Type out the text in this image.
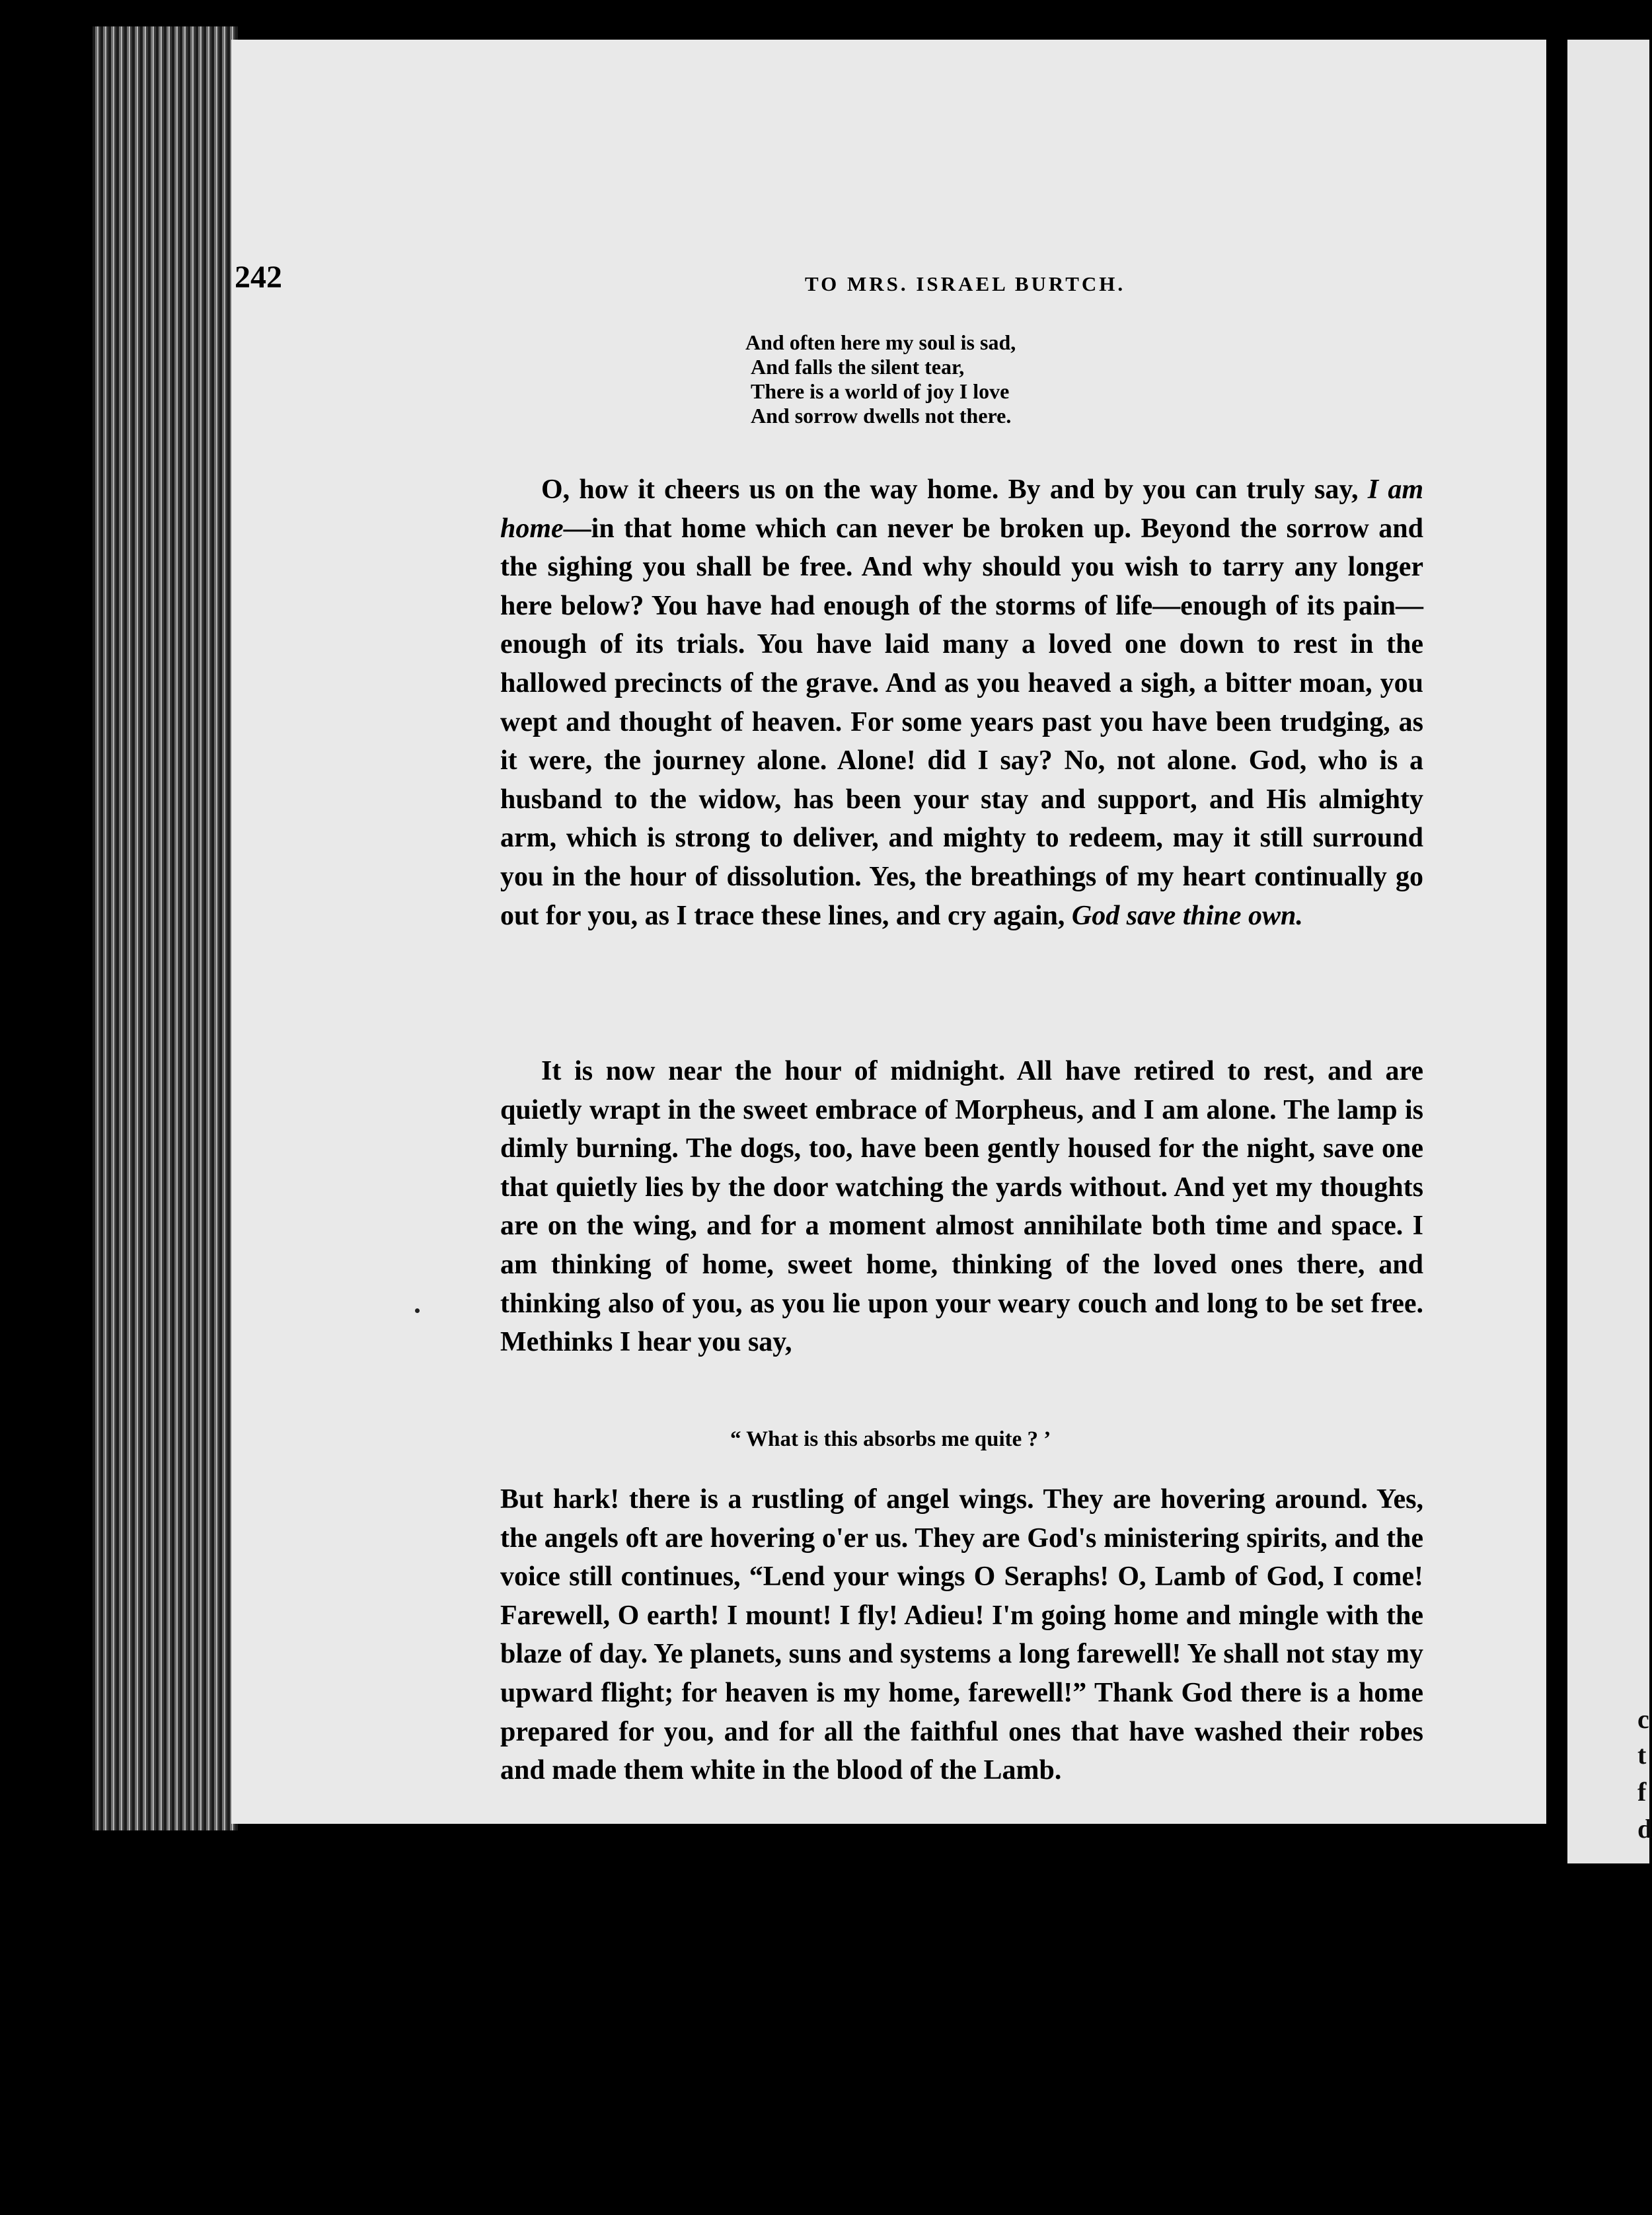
c
t
f
d
242	TO MRS. ISRAEL BURTCH.
And often here my soul is sad,
And falls the silent tear,
There is a world of joy I love
And sorrow dwells not there.
O, how it cheers us on the way home. By and by you can truly say, I am home—in that home which can never be broken up. Beyond the sorrow and the sighing you shall be free. And why should you wish to tarry any longer here below? You have had enough of the storms of life—enough of its pain—enough of its trials. You have laid many a loved one down to rest in the hallowed precincts of the grave. And as you heaved a sigh, a bitter moan, you wept and thought of heaven. For some years past you have been trudging, as it were, the journey alone. Alone! did I say? No, not alone. God, who is a husband to the widow, has been your stay and support, and His almighty arm, which is strong to deliver, and mighty to redeem, may it still surround you in the hour of dissolution. Yes, the breathings of my heart continually go out for you, as I trace these lines, and cry again, God save thine own.
It is now near the hour of midnight. All have retired to rest, and are quietly wrapt in the sweet embrace of Morpheus, and I am alone. The lamp is dimly burning. The dogs, too, have been gently housed for the night, save one that quietly lies by the door watching the yards without. And yet my thoughts are on the wing, and for a moment almost annihilate both time and space. I am thinking of home, sweet home, thinking of the loved ones there, and thinking also of you, as you lie upon your weary couch and long to be set free. Methinks I hear you say,
“ What is this absorbs me quite ? ’
But hark! there is a rustling of angel wings. They are hovering around. Yes, the angels oft are hovering o'er us. They are God's ministering spirits, and the voice still continues, “Lend your wings O Seraphs! O, Lamb of God, I come! Farewell, O earth! I mount! I fly! Adieu! I'm going home and mingle with the blaze of day. Ye planets, suns and systems a long farewell! Ye shall not stay my upward flight; for heaven is my home, farewell!” Thank God there is a home prepared for you, and for all the faithful ones that have washed their robes and made them white in the blood of the Lamb.
